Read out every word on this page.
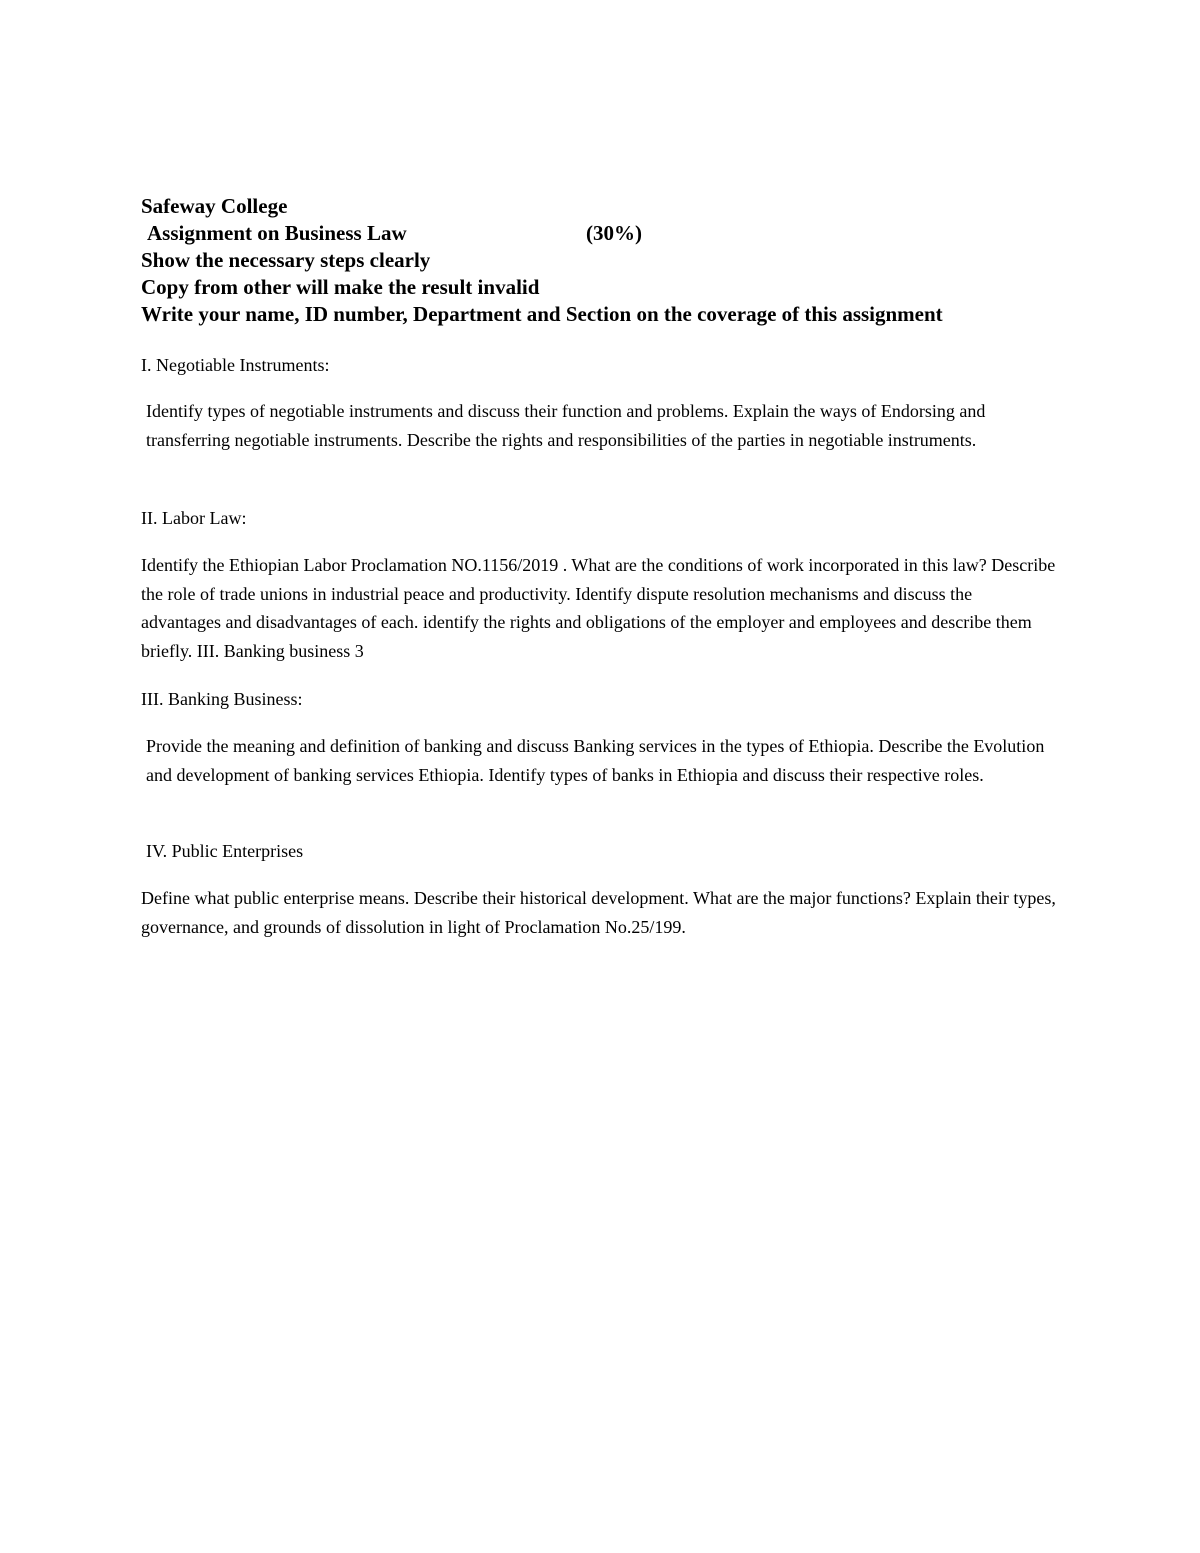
Safeway College
Assignment on Business Law	(30%)
Show the necessary steps clearly
Copy from other will make the result invalid
Write your name, ID number, Department and Section on the coverage of this assignment

I. Negotiable Instruments:

Identify types of negotiable instruments and discuss their function and problems. Explain the ways of Endorsing and transferring negotiable instruments. Describe the rights and responsibilities of the parties in negotiable instruments.

II. Labor Law:

Identify the Ethiopian Labor Proclamation NO.1156/2019 . What are the conditions of work incorporated in this law? Describe the role of trade unions in industrial peace and productivity. Identify dispute resolution mechanisms and discuss the advantages and disadvantages of each. identify the rights and obligations of the employer and employees and describe them briefly. III. Banking business 3

III. Banking Business:

Provide the meaning and definition of banking and discuss Banking services in the types of Ethiopia. Describe the Evolution and development of banking services Ethiopia. Identify types of banks in Ethiopia and discuss their respective roles.

IV. Public Enterprises

Define what public enterprise means. Describe their historical development. What are the major functions? Explain their types, governance, and grounds of dissolution in light of Proclamation No.25/199.
